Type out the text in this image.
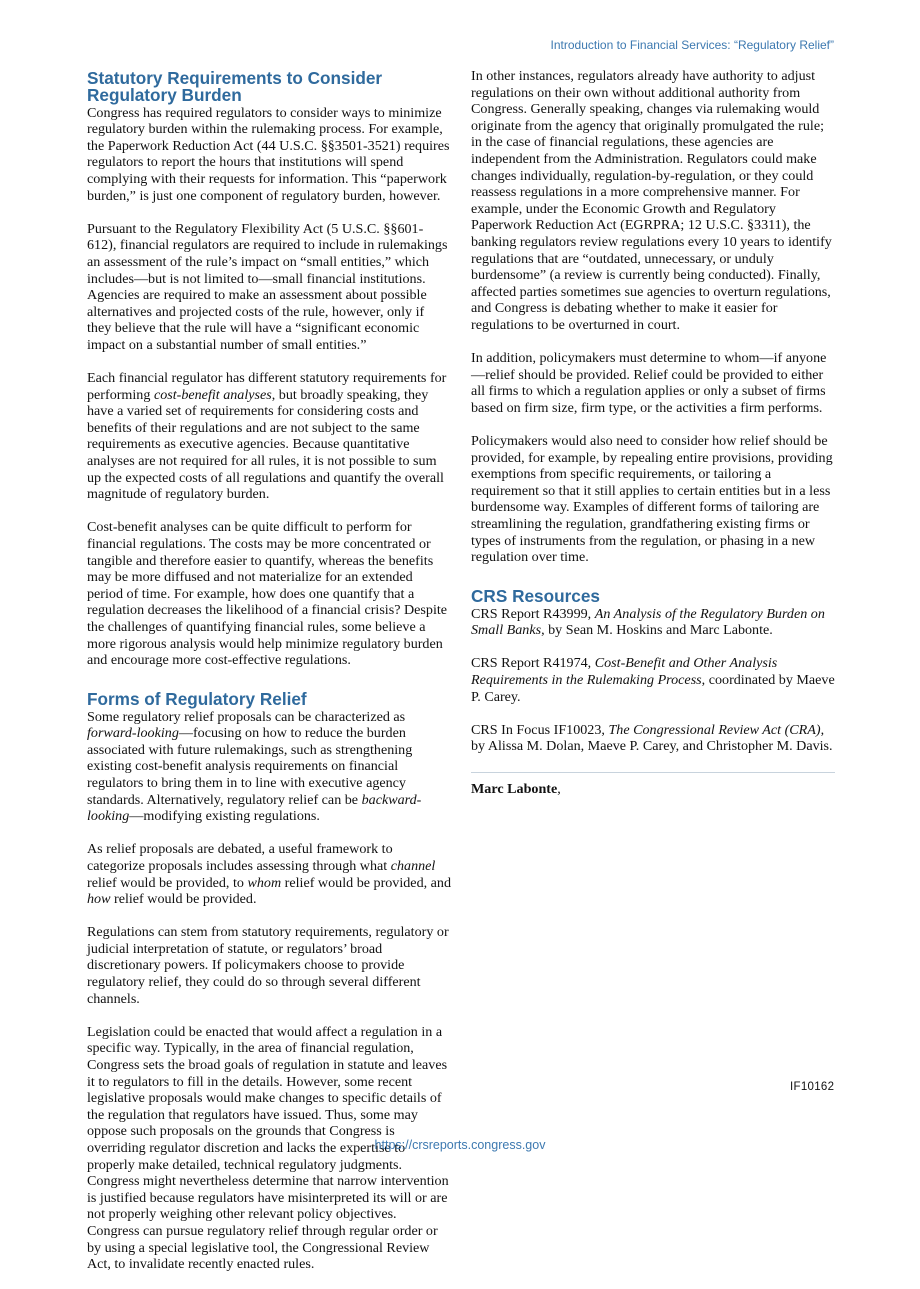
Introduction to Financial Services: “Regulatory Relief”
Statutory Requirements to Consider Regulatory Burden

Congress has required regulators to consider ways to minimize regulatory burden within the rulemaking process. For example, the Paperwork Reduction Act (44 U.S.C. §§3501-3521) requires regulators to report the hours that institutions will spend complying with their requests for information. This “paperwork burden,” is just one component of regulatory burden, however.

Pursuant to the Regulatory Flexibility Act (5 U.S.C. §§601-612), financial regulators are required to include in rulemakings an assessment of the rule’s impact on “small entities,” which includes—but is not limited to—small financial institutions. Agencies are required to make an assessment about possible alternatives and projected costs of the rule, however, only if they believe that the rule will have a “significant economic impact on a substantial number of small entities.”

Each financial regulator has different statutory requirements for performing cost-benefit analyses, but broadly speaking, they have a varied set of requirements for considering costs and benefits of their regulations and are not subject to the same requirements as executive agencies. Because quantitative analyses are not required for all rules, it is not possible to sum up the expected costs of all regulations and quantify the overall magnitude of regulatory burden.

Cost-benefit analyses can be quite difficult to perform for financial regulations. The costs may be more concentrated or tangible and therefore easier to quantify, whereas the benefits may be more diffused and not materialize for an extended period of time. For example, how does one quantify that a regulation decreases the likelihood of a financial crisis? Despite the challenges of quantifying financial rules, some believe a more rigorous analysis would help minimize regulatory burden and encourage more cost-effective regulations.

Forms of Regulatory Relief

Some regulatory relief proposals can be characterized as forward-looking—focusing on how to reduce the burden associated with future rulemakings, such as strengthening existing cost-benefit analysis requirements on financial regulators to bring them in to line with executive agency standards. Alternatively, regulatory relief can be backward-looking—modifying existing regulations.

As relief proposals are debated, a useful framework to categorize proposals includes assessing through what channel relief would be provided, to whom relief would be provided, and how relief would be provided.

Regulations can stem from statutory requirements, regulatory or judicial interpretation of statute, or regulators’ broad discretionary powers. If policymakers choose to provide regulatory relief, they could do so through several different channels.

Legislation could be enacted that would affect a regulation in a specific way. Typically, in the area of financial regulation, Congress sets the broad goals of regulation in statute and leaves it to regulators to fill in the details. However, some recent legislative proposals would make changes to specific details of the regulation that regulators have issued. Thus, some may oppose such proposals on the grounds that Congress is overriding regulator discretion and lacks the expertise to properly make detailed, technical regulatory judgments. Congress might nevertheless determine that narrow intervention is justified because regulators have misinterpreted its will or are not properly weighing other relevant policy objectives. Congress can pursue regulatory relief through regular order or by using a special legislative tool, the Congressional Review Act, to invalidate recently enacted rules.

In other instances, regulators already have authority to adjust regulations on their own without additional authority from Congress. Generally speaking, changes via rulemaking would originate from the agency that originally promulgated the rule; in the case of financial regulations, these agencies are independent from the Administration. Regulators could make changes individually, regulation-by-regulation, or they could reassess regulations in a more comprehensive manner. For example, under the Economic Growth and Regulatory Paperwork Reduction Act (EGRPRA; 12 U.S.C. §3311), the banking regulators review regulations every 10 years to identify regulations that are “outdated, unnecessary, or unduly burdensome” (a review is currently being conducted). Finally, affected parties sometimes sue agencies to overturn regulations, and Congress is debating whether to make it easier for regulations to be overturned in court.

In addition, policymakers must determine to whom—if anyone—relief should be provided. Relief could be provided to either all firms to which a regulation applies or only a subset of firms based on firm size, firm type, or the activities a firm performs.

Policymakers would also need to consider how relief should be provided, for example, by repealing entire provisions, providing exemptions from specific requirements, or tailoring a requirement so that it still applies to certain entities but in a less burdensome way. Examples of different forms of tailoring are streamlining the regulation, grandfathering existing firms or types of instruments from the regulation, or phasing in a new regulation over time.

CRS Resources

CRS Report R43999, An Analysis of the Regulatory Burden on Small Banks, by Sean M. Hoskins and Marc Labonte.

CRS Report R41974, Cost-Benefit and Other Analysis Requirements in the Rulemaking Process, coordinated by Maeve P. Carey.

CRS In Focus IF10023, The Congressional Review Act (CRA), by Alissa M. Dolan, Maeve P. Carey, and Christopher M. Davis.

Marc Labonte,

IF10162
https://crsreports.congress.gov
